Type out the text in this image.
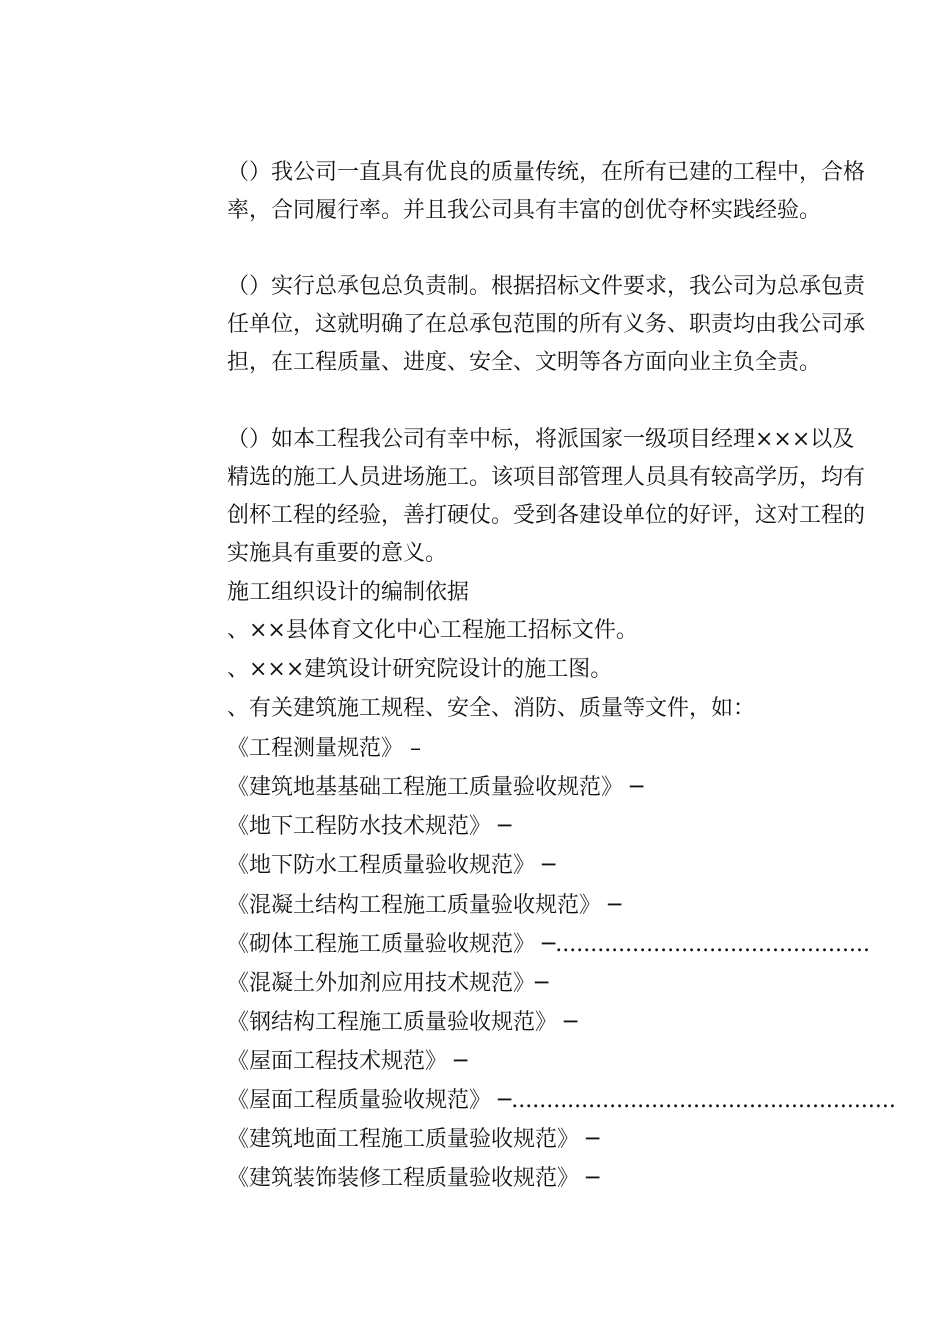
（）我公司一直具有优良的质量传统，在所有已建的工程中，合格率，合同履行率。并且我公司具有丰富的创优夺杯实践经验。
（）实行总承包总负责制。根据招标文件要求，我公司为总承包责任单位，这就明确了在总承包范围的所有义务、职责均由我公司承担，在工程质量、进度、安全、文明等各方面向业主负全责。
（）如本工程我公司有幸中标，将派国家一级项目经理×××以及精选的施工人员进场施工。该项目部管理人员具有较高学历，均有创杯工程的经验，善打硬仗。受到各建设单位的好评，这对工程的实施具有重要的意义。
施工组织设计的编制依据
、××县体育文化中心工程施工招标文件。
、×××建筑设计研究院设计的施工图。
、有关建筑施工规程、安全、消防、质量等文件，如：
《工程测量规范》 –
《建筑地基基础工程施工质量验收规范》 ─
《地下工程防水技术规范》 ─
《地下防水工程质量验收规范》 ─
《混凝土结构工程施工质量验收规范》 ─
《砌体工程施工质量验收规范》 ─.............................................
《混凝土外加剂应用技术规范》─
《钢结构工程施工质量验收规范》 ─
《屋面工程技术规范》 ─
《屋面工程质量验收规范》 ─.......................................................
《建筑地面工程施工质量验收规范》 ─
《建筑装饰装修工程质量验收规范》 ─
